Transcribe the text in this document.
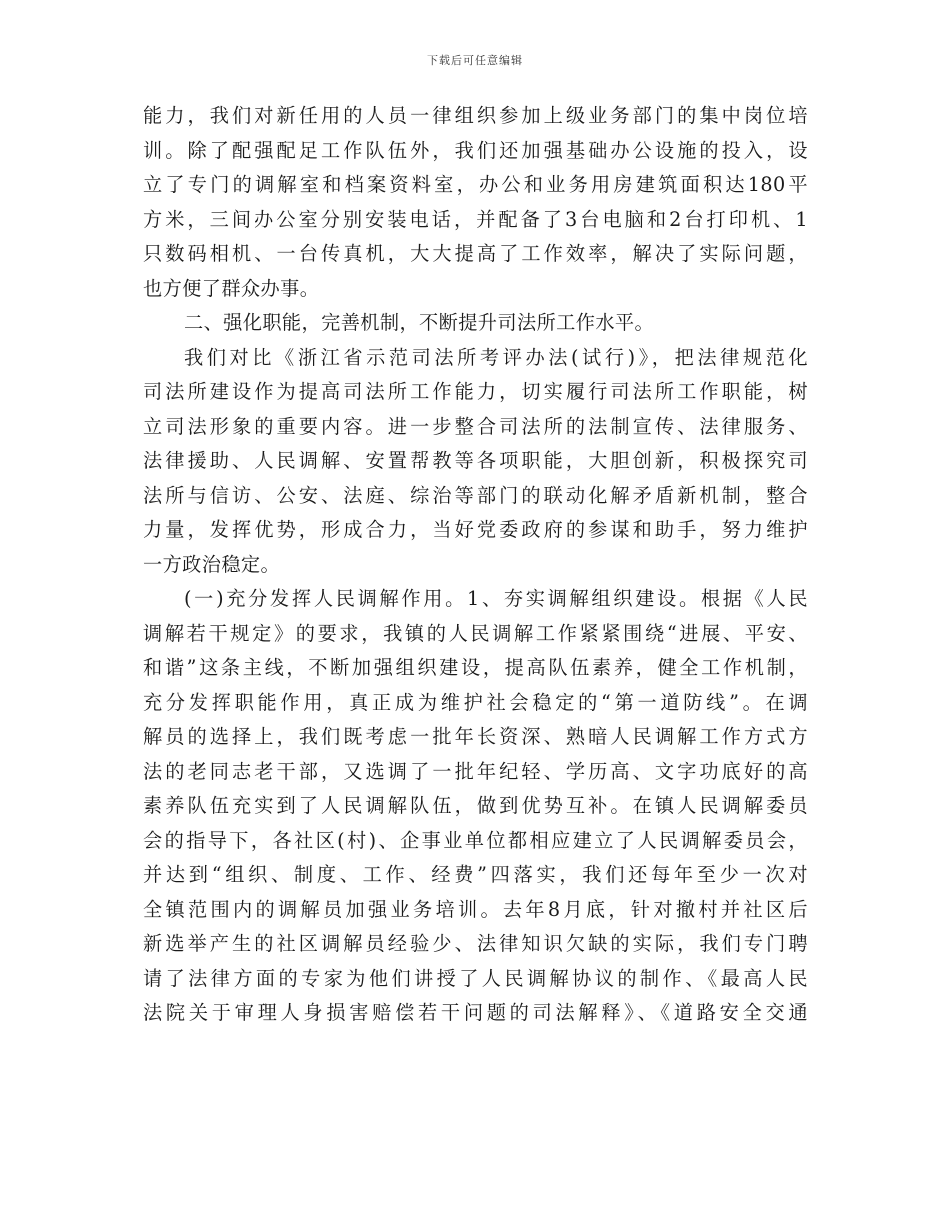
下载后可任意编辑
能力，我们对新任用的人员一律组织参加上级业务部门的集中岗位培
训。除了配强配足工作队伍外，我们还加强基础办公设施的投入，设
立了专门的调解室和档案资料室，办公和业务用房建筑面积达180平
方米，三间办公室分别安装电话，并配备了3台电脑和2台打印机、1
只数码相机、一台传真机，大大提高了工作效率，解决了实际问题，
也方便了群众办事。
二、强化职能，完善机制，不断提升司法所工作水平。
我们对比《浙江省示范司法所考评办法(试行)》，把法律规范化
司法所建设作为提高司法所工作能力，切实履行司法所工作职能，树
立司法形象的重要内容。进一步整合司法所的法制宣传、法律服务、
法律援助、人民调解、安置帮教等各项职能，大胆创新，积极探究司
法所与信访、公安、法庭、综治等部门的联动化解矛盾新机制，整合
力量，发挥优势，形成合力，当好党委政府的参谋和助手，努力维护
一方政治稳定。
(一)充分发挥人民调解作用。1、夯实调解组织建设。根据《人民
调解若干规定》的要求，我镇的人民调解工作紧紧围绕“进展、平安、
和谐”这条主线，不断加强组织建设，提高队伍素养，健全工作机制，
充分发挥职能作用，真正成为维护社会稳定的“第一道防线”。在调
解员的选择上，我们既考虑一批年长资深、熟暗人民调解工作方式方
法的老同志老干部，又选调了一批年纪轻、学历高、文字功底好的高
素养队伍充实到了人民调解队伍，做到优势互补。在镇人民调解委员
会的指导下，各社区(村)、企事业单位都相应建立了人民调解委员会，
并达到“组织、制度、工作、经费”四落实，我们还每年至少一次对
全镇范围内的调解员加强业务培训。去年8月底，针对撤村并社区后
新选举产生的社区调解员经验少、法律知识欠缺的实际，我们专门聘
请了法律方面的专家为他们讲授了人民调解协议的制作、《最高人民
法院关于审理人身损害赔偿若干问题的司法解释》、《道路安全交通
